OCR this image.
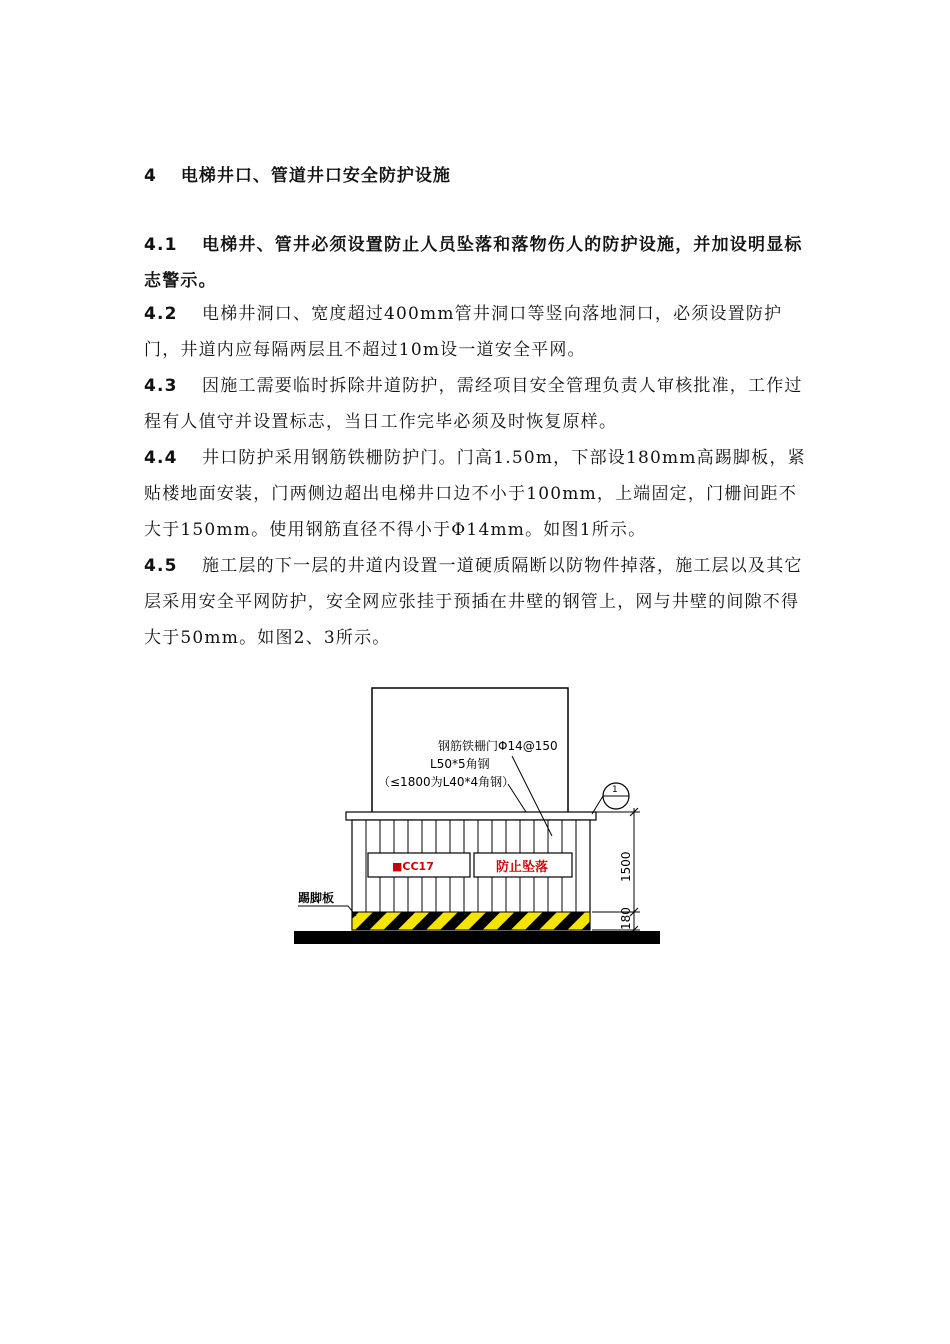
4 电梯井口、管道井口安全防护设施
4.1 电梯井、管井必须设置防止人员坠落和落物伤人的防护设施，并加设明显标志警示。
4.2 电梯井洞口、宽度超过400mm管井洞口等竖向落地洞口，必须设置防护门，井道内应每隔两层且不超过10m设一道安全平网。
4.3 因施工需要临时拆除井道防护，需经项目安全管理负责人审核批准，工作过程有人值守并设置标志，当日工作完毕必须及时恢复原样。
4.4 井口防护采用钢筋铁栅防护门。门高1.50m，下部设180mm高踢脚板，紧贴楼地面安装，门两侧边超出电梯井口边不小于100mm，上端固定，门栅间距不大于150mm。使用钢筋直径不得小于Φ14mm。如图1所示。
4.5 施工层的下一层的井道内设置一道硬质隔断以防物件掉落，施工层以及其它层采用安全平网防护，安全网应张挂于预插在井壁的钢管上，网与井壁的间隙不得大于50mm。如图2、3所示。
■CC17	防止坠落
钢筋铁栅门Φ14@150
L50*5角钢
（≤1800为L40*4角钢）
踢脚板
1
1500
180
